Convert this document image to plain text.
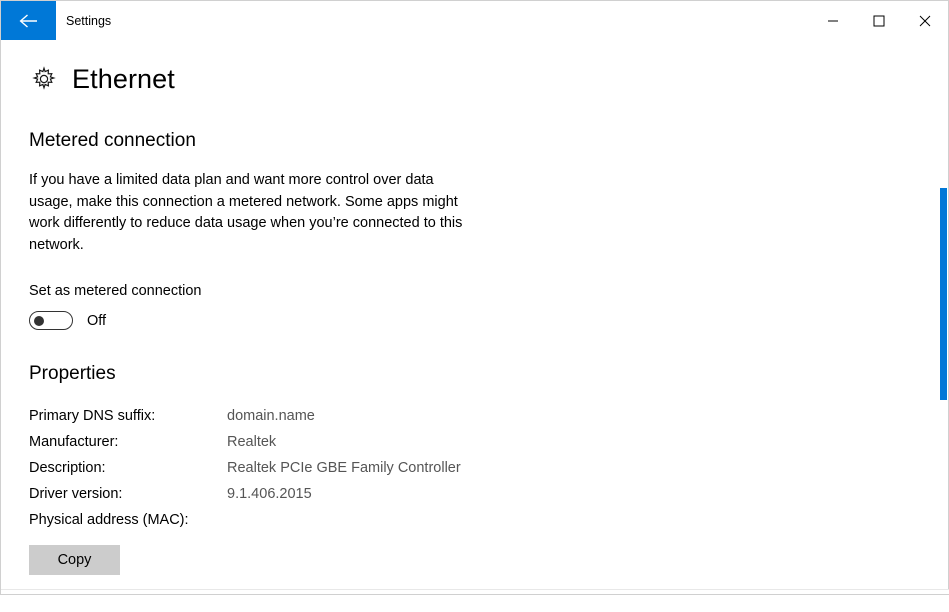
Settings
Ethernet
Metered connection

If you have a limited data plan and want more control over data usage, make this connection a metered network. Some apps might work differently to reduce data usage when you’re connected to this network.

Set as metered connection
Off
Properties
Primary DNS suffix:	domain.name
Manufacturer:	Realtek
Description:	Realtek PCIe GBE Family Controller
Driver version:	9.1.406.2015
Physical address (MAC):	
Copy
